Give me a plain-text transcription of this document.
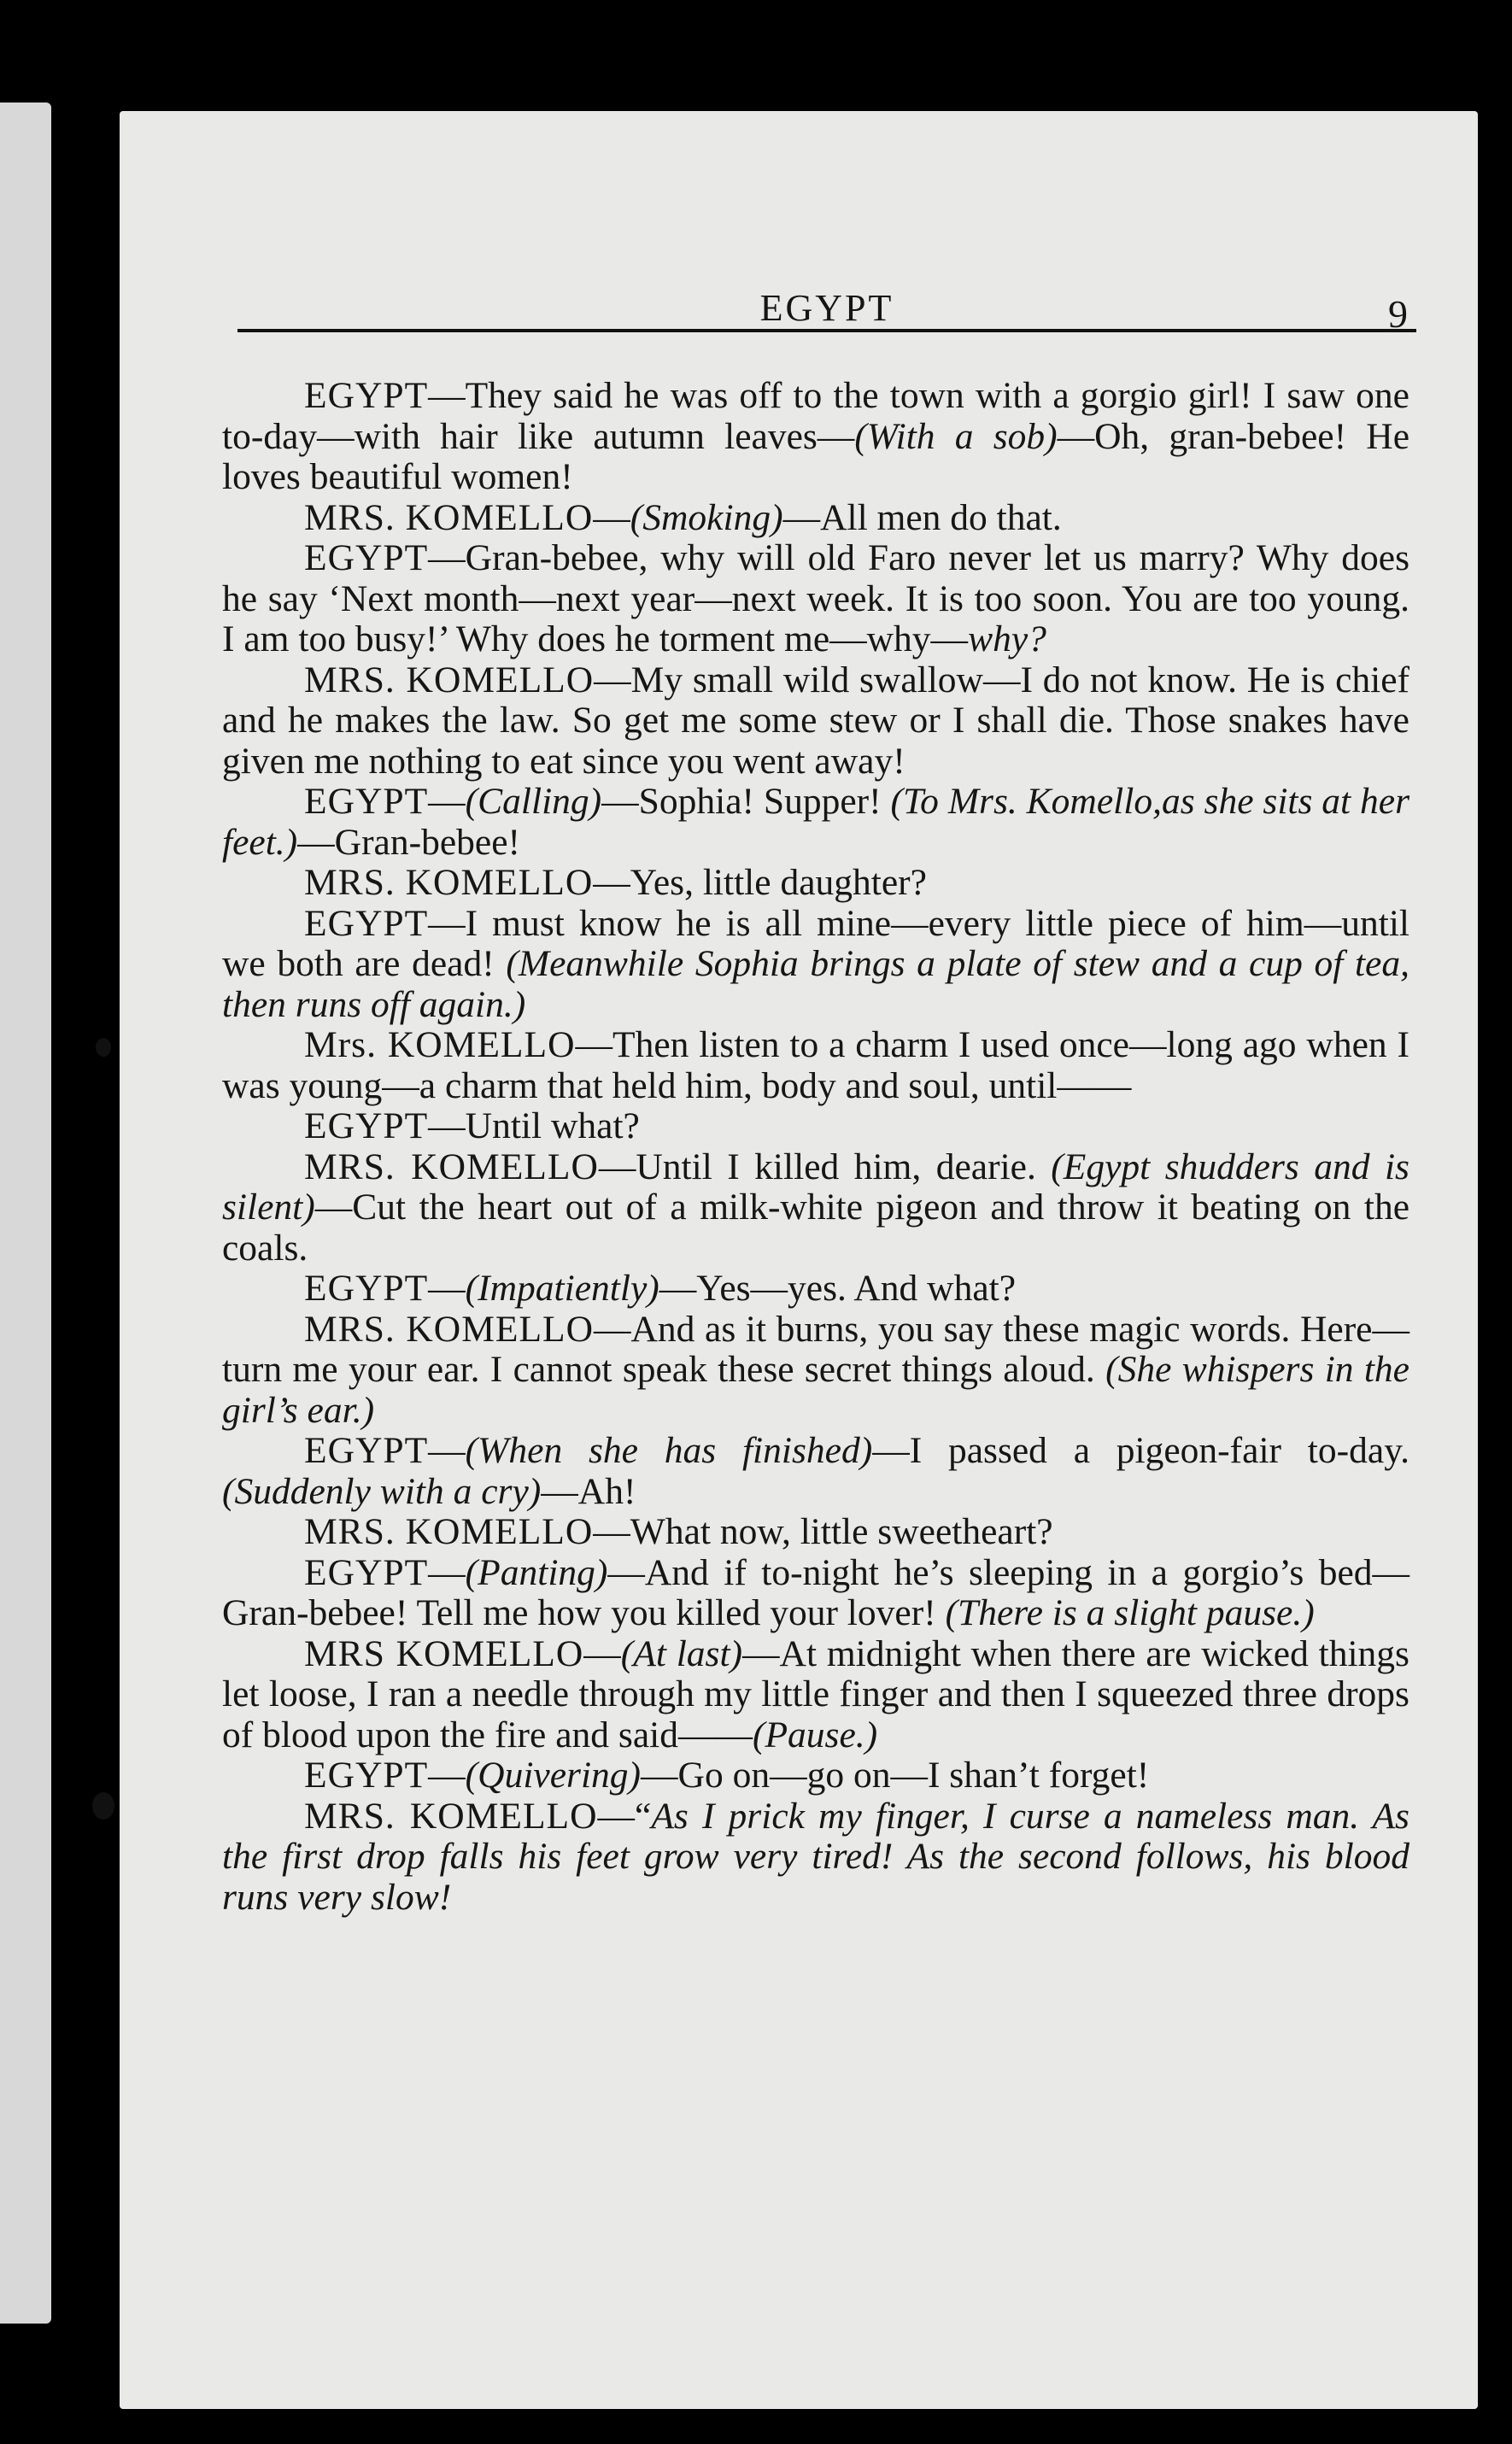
EGYPT	9

EGYPT—They said he was off to the town with a gorgio girl! I saw one to-day—with hair like autumn leaves—(With a sob)—Oh, gran-bebee! He loves beautiful women!

MRS. KOMELLO—(Smoking)—All men do that.

EGYPT—Gran-bebee, why will old Faro never let us marry? Why does he say ‘Next month—next year—next week. It is too soon. You are too young. I am too busy!’ Why does he torment me—why—why?

MRS. KOMELLO—My small wild swallow—I do not know. He is chief and he makes the law. So get me some stew or I shall die. Those snakes have given me nothing to eat since you went away!

EGYPT—(Calling)—Sophia! Supper! (To Mrs. Komello,as she sits at her feet.)—Gran-bebee!

MRS. KOMELLO—Yes, little daughter?

EGYPT—I must know he is all mine—every little piece of him—until we both are dead! (Meanwhile Sophia brings a plate of stew and a cup of tea, then runs off again.)

Mrs. KOMELLO—Then listen to a charm I used once—long ago when I was young—a charm that held him, body and soul, until——

EGYPT—Until what?

MRS. KOMELLO—Until I killed him, dearie. (Egypt shudders and is silent)—Cut the heart out of a milk-white pigeon and throw it beating on the coals.

EGYPT—(Impatiently)—Yes—yes. And what?

MRS. KOMELLO—And as it burns, you say these magic words. Here—turn me your ear. I cannot speak these secret things aloud. (She whispers in the girl’s ear.)

EGYPT—(When she has finished)—I passed a pigeon-fair to-day. (Suddenly with a cry)—Ah!

MRS. KOMELLO—What now, little sweetheart?

EGYPT—(Panting)—And if to-night he’s sleeping in a gorgio’s bed—Gran-bebee! Tell me how you killed your lover! (There is a slight pause.)

MRS KOMELLO—(At last)—At midnight when there are wicked things let loose, I ran a needle through my little finger and then I squeezed three drops of blood upon the fire and said——(Pause.)

EGYPT—(Quivering)—Go on—go on—I shan’t forget!

MRS. KOMELLO—“As I prick my finger, I curse a nameless man. As the first drop falls his feet grow very tired! As the second follows, his blood runs very slow!
